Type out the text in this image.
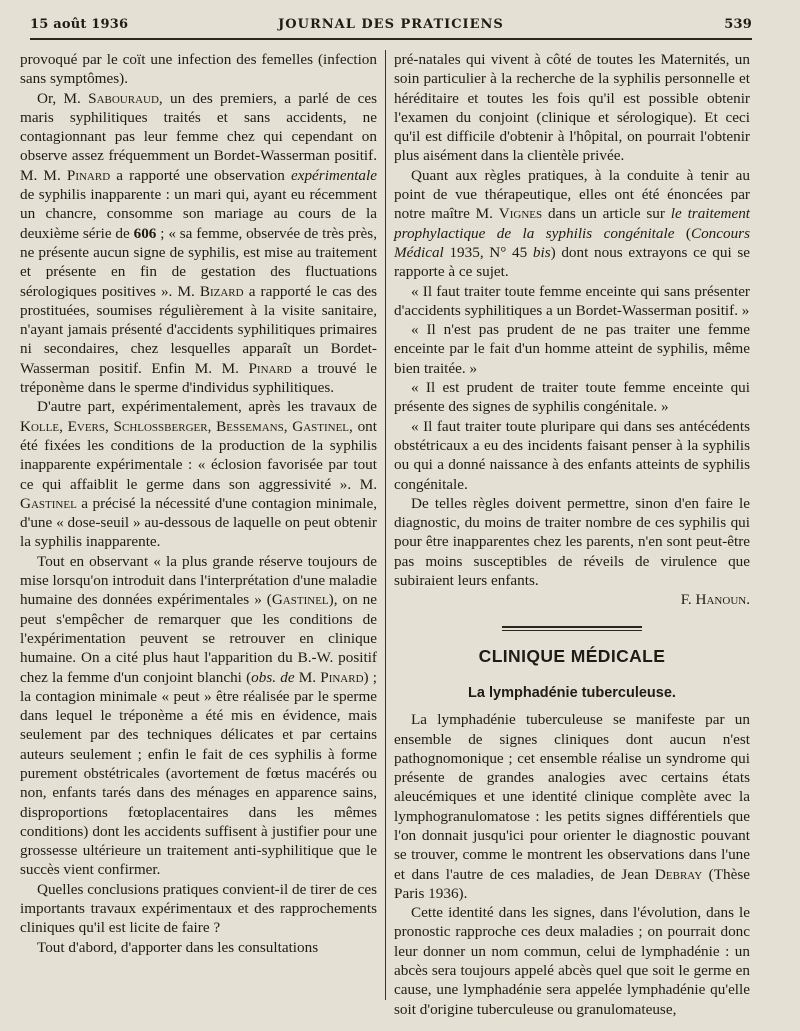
15 août 1936	JOURNAL DES PRATICIENS	539

provoqué par le coït une infection des femelles (infection sans symptômes).

Or, M. Sabouraud, un des premiers, a parlé de ces maris syphilitiques traités et sans accidents, ne contagionnant pas leur femme chez qui cependant on observe assez fréquemment un Bordet-Wasserman positif. M. M. Pinard a rapporté une observation expérimentale de syphilis inapparente : un mari qui, ayant eu récemment un chancre, consomme son mariage au cours de la deuxième série de 606 ; « sa femme, observée de très près, ne présente aucun signe de syphilis, est mise au traitement et présente en fin de gestation des fluctuations sérologiques positives ». M. Bizard a rapporté le cas des prostituées, soumises régulièrement à la visite sanitaire, n'ayant jamais présenté d'accidents syphilitiques primaires ni secondaires, chez lesquelles apparaît un Bordet-Wasserman positif. Enfin M. M. Pinard a trouvé le tréponème dans le sperme d'individus syphilitiques.

D'autre part, expérimentalement, après les travaux de Kolle, Evers, Schlossberger, Bessemans, Gastinel, ont été fixées les conditions de la production de la syphilis inapparente expérimentale : « éclosion favorisée par tout ce qui affaiblit le germe dans son aggressivité ». M. Gastinel a précisé la nécessité d'une contagion minimale, d'une « dose-seuil » au-dessous de laquelle on peut obtenir la syphilis inapparente.

Tout en observant « la plus grande réserve toujours de mise lorsqu'on introduit dans l'interprétation d'une maladie humaine des données expérimentales » (Gastinel), on ne peut s'empêcher de remarquer que les conditions de l'expérimentation peuvent se retrouver en clinique humaine. On a cité plus haut l'apparition du B.-W. positif chez la femme d'un conjoint blanchi (obs. de M. Pinard) ; la contagion minimale « peut » être réalisée par le sperme dans lequel le tréponème a été mis en évidence, mais seulement par des techniques délicates et par certains auteurs seulement ; enfin le fait de ces syphilis à forme purement obstétricales (avortement de fœtus macérés ou non, enfants tarés dans des ménages en apparence sains, disproportions fœtoplacentaires dans les mêmes conditions) dont les accidents suffisent à justifier pour une grossesse ultérieure un traitement anti-syphilitique que le succès vient confirmer.

Quelles conclusions pratiques convient-il de tirer de ces importants travaux expérimentaux et des rapprochements cliniques qu'il est licite de faire ?

Tout d'abord, d'apporter dans les consultations

pré-natales qui vivent à côté de toutes les Maternités, un soin particulier à la recherche de la syphilis personnelle et héréditaire et toutes les fois qu'il est possible obtenir l'examen du conjoint (clinique et sérologique). Et ceci qu'il est difficile d'obtenir à l'hôpital, on pourrait l'obtenir plus aisément dans la clientèle privée.

Quant aux règles pratiques, à la conduite à tenir au point de vue thérapeutique, elles ont été énoncées par notre maître M. Vignes dans un article sur le traitement prophylactique de la syphilis congénitale (Concours Médical 1935, N° 45 bis) dont nous extrayons ce qui se rapporte à ce sujet.

« Il faut traiter toute femme enceinte qui sans présenter d'accidents syphilitiques a un Bordet-Wasserman positif. »

« Il n'est pas prudent de ne pas traiter une femme enceinte par le fait d'un homme atteint de syphilis, même bien traitée. »

« Il est prudent de traiter toute femme enceinte qui présente des signes de syphilis congénitale. »

« Il faut traiter toute pluripare qui dans ses antécédents obstétricaux a eu des incidents faisant penser à la syphilis ou qui a donné naissance à des enfants atteints de syphilis congénitale.

De telles règles doivent permettre, sinon d'en faire le diagnostic, du moins de traiter nombre de ces syphilis qui pour être inapparentes chez les parents, n'en sont peut-être pas moins susceptibles de réveils de virulence que subiraient leurs enfants.

F. Hanoun.

CLINIQUE MÉDICALE
La lymphadénie tuberculeuse.

La lymphadénie tuberculeuse se manifeste par un ensemble de signes cliniques dont aucun n'est pathognomonique ; cet ensemble réalise un syndrome qui présente de grandes analogies avec certains états aleucémiques et une identité clinique complète avec la lymphogranulomatose : les petits signes différentiels que l'on donnait jusqu'ici pour orienter le diagnostic pouvant se trouver, comme le montrent les observations dans l'une et dans l'autre de ces maladies, de Jean Debray (Thèse Paris 1936).

Cette identité dans les signes, dans l'évolution, dans le pronostic rapproche ces deux maladies ; on pourrait donc leur donner un nom commun, celui de lymphadénie : un abcès sera toujours appelé abcès quel que soit le germe en cause, une lymphadénie sera appelée lymphadénie qu'elle soit d'origine tuberculeuse ou granulomateuse,
